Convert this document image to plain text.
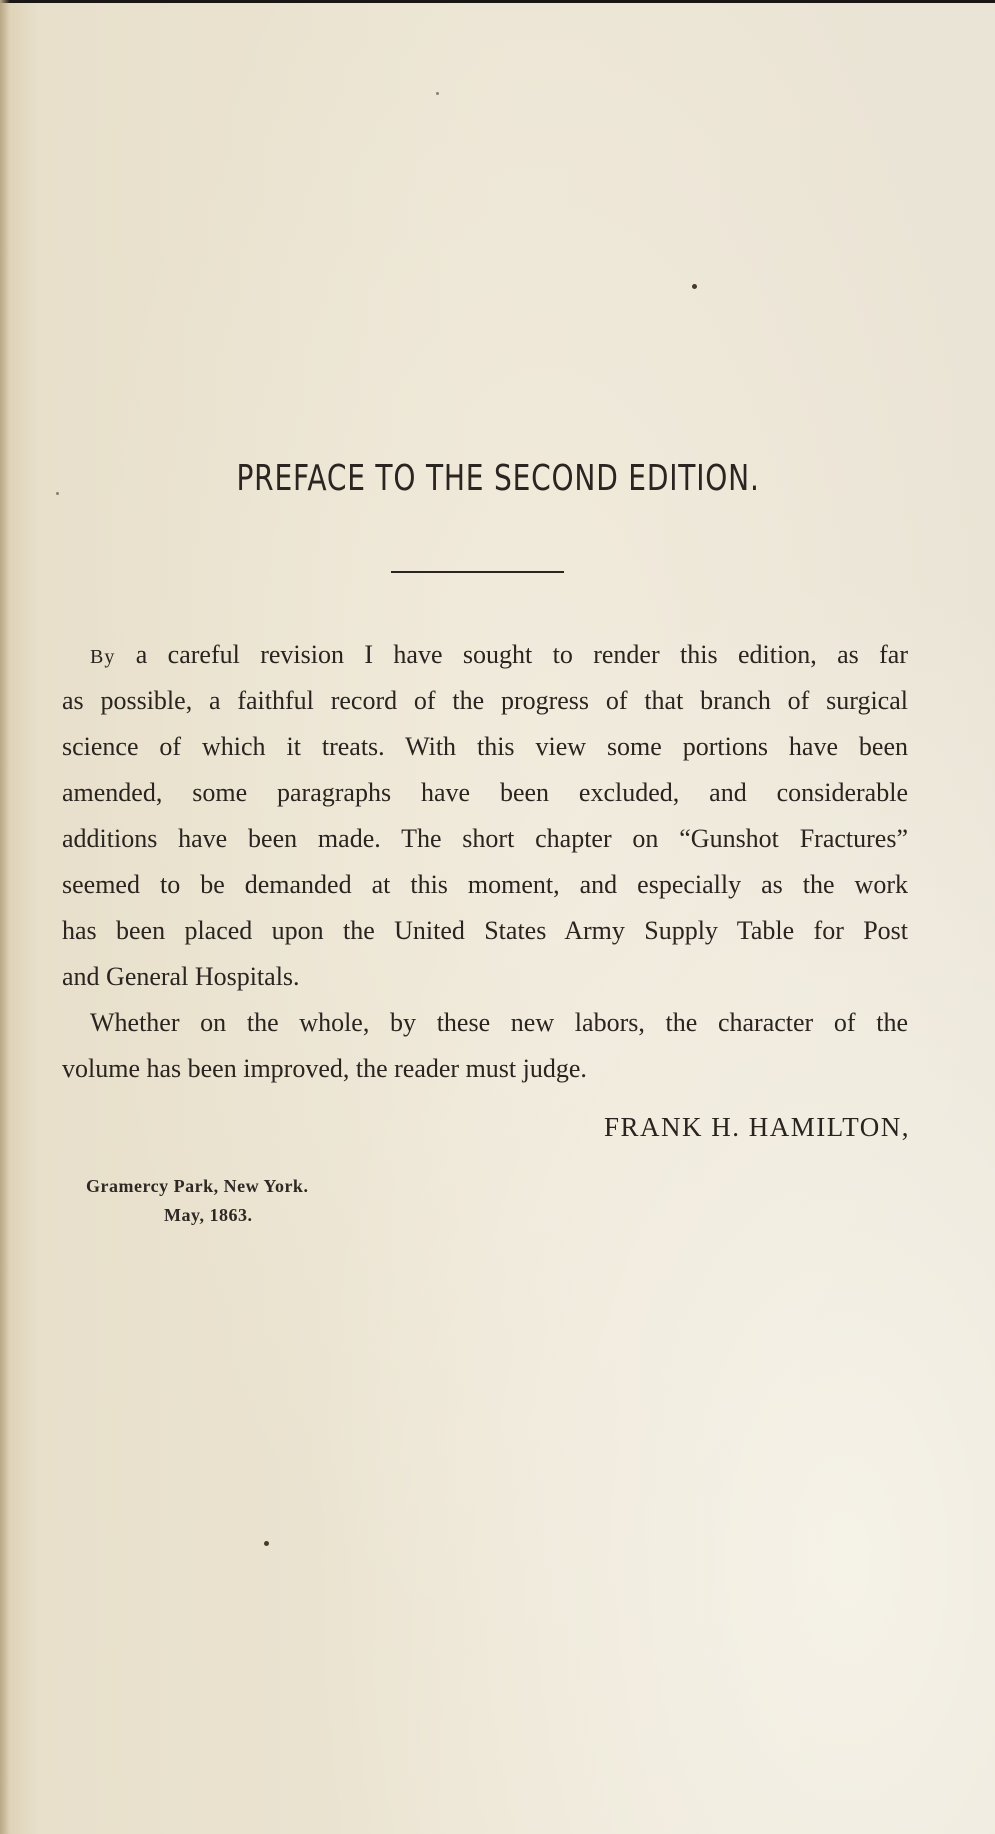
PREFACE TO THE SECOND EDITION.
By a careful revision I have sought to render this edition, as far
as possible, a faithful record of the progress of that branch of surgical
science of which it treats. With this view some portions have been
amended, some paragraphs have been excluded, and considerable
additions have been made. The short chapter on “Gunshot Fractures”
seemed to be demanded at this moment, and especially as the work
has been placed upon the United States Army Supply Table for Post
and General Hospitals.
Whether on the whole, by these new labors, the character of the
volume has been improved, the reader must judge.
FRANK H. HAMILTON,
Gramercy Park, New York.
May, 1863.
